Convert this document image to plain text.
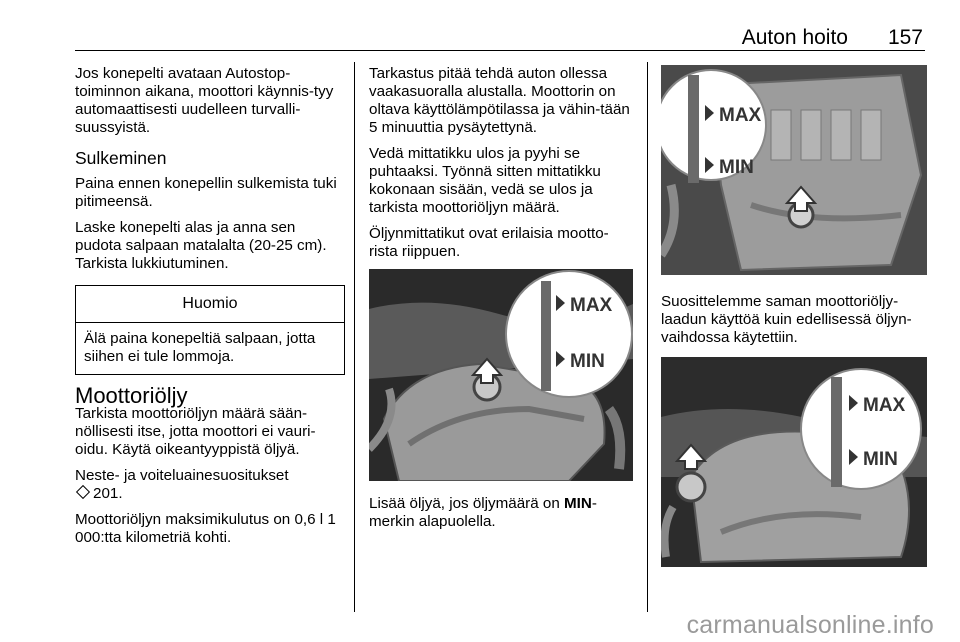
Auton hoito 157

Jos konepelti avataan Autostop-toiminnon aikana, moottori käynnis-tyy automaattisesti uudelleen turvalli-suussyistä.

Sulkeminen

Paina ennen konepellin sulkemista tuki pitimeensä.

Laske konepelti alas ja anna sen pudota salpaan matalalta (20-25 cm). Tarkista lukkiutuminen.

Huomio
Älä paina konepeltiä salpaan, jotta siihen ei tule lommoja.
Moottoriöljy

Tarkista moottoriöljyn määrä sään-nöllisesti itse, jotta moottori ei vauri-oidu. Käytä oikeantyyppistä öljyä.

Neste- ja voiteluainesuositukset
201.

Moottoriöljyn maksimikulutus on 0,6 l 1 000:tta kilometriä kohti.

Tarkastus pitää tehdä auton ollessa vaakasuoralla alustalla. Moottorin on oltava käyttölämpötilassa ja vähin-tään 5 minuuttia pysäytettynä.

Vedä mittatikku ulos ja pyyhi se puhtaaksi. Työnnä sitten mittatikku kokonaan sisään, vedä se ulos ja tarkista moottoriöljyn määrä.

Öljynmittatikut ovat erilaisia mootto-rista riippuen.

MAX
MIN

Lisää öljyä, jos öljymäärä on MIN-merkin alapuolella.

MAX
MIN

Suosittelemme saman moottoriöljy-laadun käyttöä kuin edellisessä öljyn-vaihdossa käytettiin.

MAX
MIN
carmanualsonline.info
